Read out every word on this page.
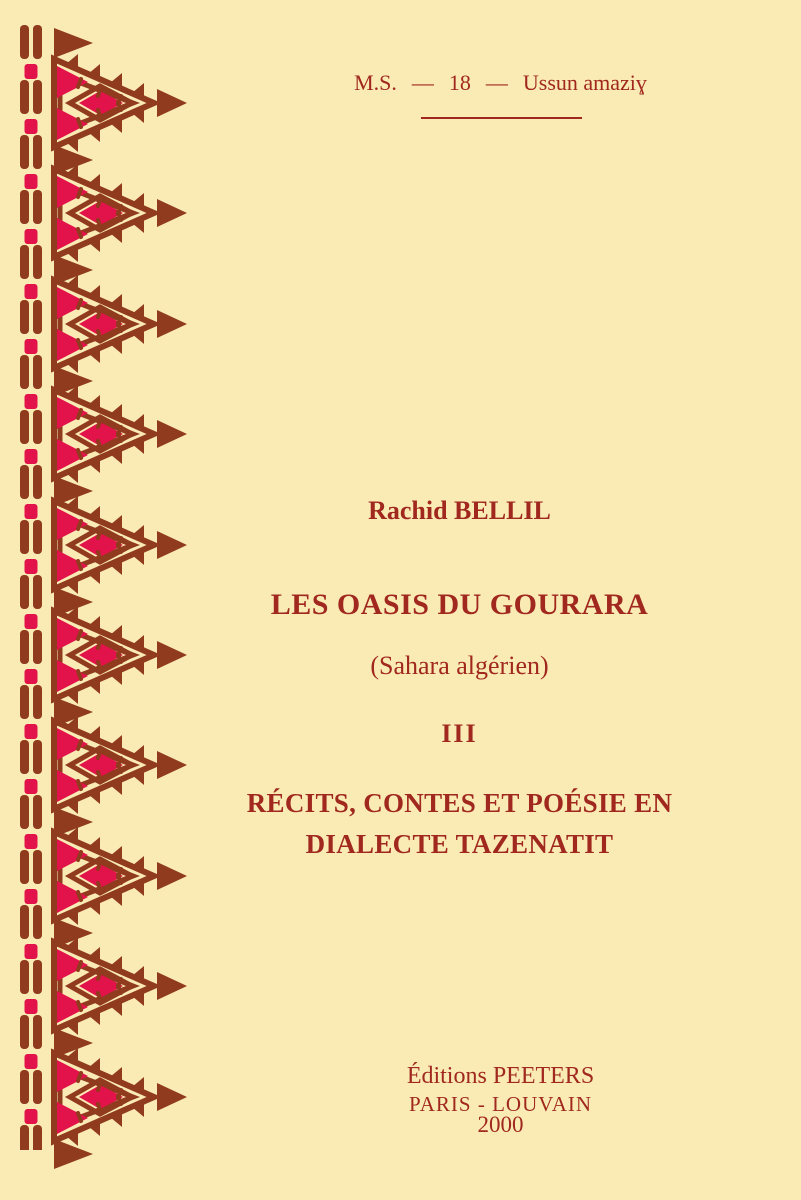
M.S. — 18 — Ussun amaziɣ
Rachid BELLIL
LES OASIS DU GOURARA
(Sahara algérien)
III
RÉCITS, CONTES ET POÉSIE EN
DIALECTE TAZENATIT
Éditions PEETERS
PARIS - LOUVAIN
2000
